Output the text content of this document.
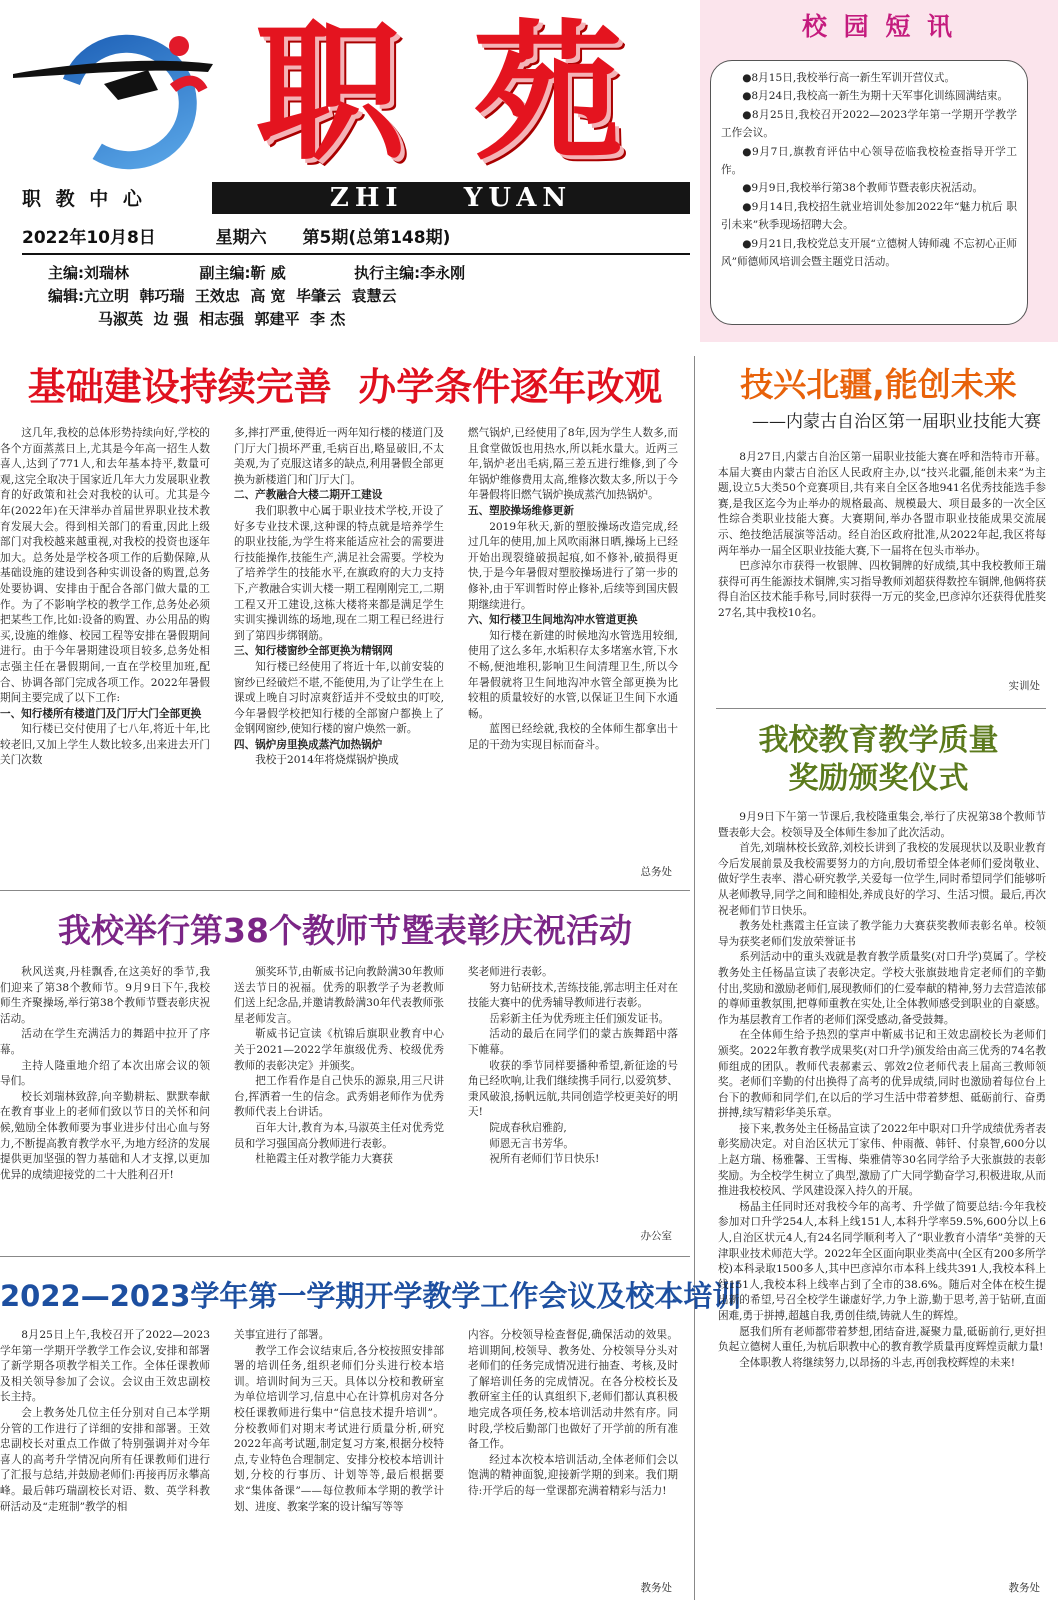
职 苑
职 教 中 心	ZHI    YUAN
2022年10月8日	星期六 第5期(总第148期)
主编:刘瑞林	副主编:靳 威	执行主编:李永刚
编辑:亢立明  韩巧瑞  王效忠  高 宽  毕肇云  袁慧云
马淑英  边 强  相志强  郭建平  李 杰
校 园 短 讯
●8月15日,我校举行高一新生军训开营仪式。
●8月24日,我校高一新生为期十天军事化训练圆满结束。
●8月25日,我校召开2022—2023学年第一学期开学教学工作会议。
●9月7日,旗教育评估中心领导莅临我校检查指导开学工作。
●9月9日,我校举行第38个教师节暨表彰庆祝活动。
●9月14日,我校招生就业培训处参加2022年“魅力杭后 职引未来”秋季现场招聘大会。
●9月21日,我校党总支开展“立德树人铸师魂 不忘初心正师风”师德师风培训会暨主题党日活动。
基础建设持续完善  办学条件逐年改观

这几年,我校的总体形势持续向好,学校的各个方面蒸蒸日上,尤其是今年高一招生人数喜人,达到了771人,和去年基本持平,数量可观,这完全取决于国家近几年大力发展职业教育的好政策和社会对我校的认可。尤其是今年(2022年)在天津举办首届世界职业技术教育发展大会。得到相关部门的看重,因此上级部门对我校越来越重视,对我校的投资也逐年加大。总务处是学校各项工作的后勤保障,从基础设施的建设到各种实训设备的购置,总务处要协调、安排由于配合各部门做大量的工作。为了不影响学校的教学工作,总务处必须把某些工作,比如:设备的购置、办公用品的购买,设施的维修、校园工程等安排在暑假期间进行。由于今年暑期建设项目较多,总务处相志强主任在暑假期间,一直在学校里加班,配合、协调各部门完成各项工作。2022年暑假期间主要完成了以下工作:

一、知行楼所有楼道门及门厅大门全部更换

知行楼已交付使用了七八年,将近十年,比较老旧,又加上学生人数比较多,出来进去开门关门次数

多,摔打严重,使得近一两年知行楼的楼道门及门厅大门损坏严重,毛病百出,略显破旧,不太美观,为了克服这诸多的缺点,利用暑假全部更换为新楼道门和门厅大门。

二、产教融合大楼二期开工建设

我们职教中心属于职业技术学校,开设了好多专业技术课,这种课的特点就是培养学生的职业技能,为学生将来能适应社会的需要进行技能操作,技能生产,满足社会需要。学校为了培养学生的技能水平,在旗政府的大力支持下,产教融合实训大楼一期工程刚刚完工,二期工程又开工建设,这栋大楼将来都是满足学生实训实操训练的场地,现在二期工程已经进行到了第四步绑钢筋。

三、知行楼窗纱全部更换为精钢网

知行楼已经使用了将近十年,以前安装的窗纱已经破烂不堪,不能使用,为了让学生在上课或上晚自习时凉爽舒适并不受蚊虫的叮咬,今年暑假学校把知行楼的全部窗户都换上了金钢网窗纱,使知行楼的窗户焕然一新。

四、锅炉房里换成蒸汽加热锅炉

我校于2014年将烧煤锅炉换成

燃气锅炉,已经使用了8年,因为学生人数多,而且食堂做饭也用热水,所以耗水量大。近两三年,锅炉老出毛病,隔三差五进行维修,到了今年锅炉维修费用太高,维修次数太多,所以于今年暑假将旧燃气锅炉换成蒸汽加热锅炉。

五、塑胶操场维修更新

2019年秋天,新的塑胶操场改造完成,经过几年的使用,加上风吹雨淋日晒,操场上已经开始出现裂缝破损起痕,如不修补,破损得更快,于是今年暑假对塑胶操场进行了第一步的修补,由于军训暂时停止修补,后续等到国庆假期继续进行。

六、知行楼卫生间地沟冲水管道更换

知行楼在新建的时候地沟水管选用较细,使用了这么多年,水垢积存太多堵塞水管,下水不畅,便池堆积,影响卫生间清理卫生,所以今年暑假就将卫生间地沟冲水管全部更换为比较粗的质量较好的水管,以保证卫生间下水通畅。

蓝图已经绘就,我校的全体师生都拿出十足的干劲为实现目标而奋斗。

总务处
我校举行第38个教师节暨表彰庆祝活动

秋风送爽,丹桂飘香,在这美好的季节,我们迎来了第38个教师节。9月9日下午,我校师生齐聚操场,举行第38个教师节暨表彰庆祝活动。

活动在学生充满活力的舞蹈中拉开了序幕。

主持人隆重地介绍了本次出席会议的领导们。

校长刘瑞林致辞,向辛勤耕耘、默默奉献在教育事业上的老师们致以节日的关怀和问候,勉励全体教师要为事业进步付出心血与努力,不断提高教育教学水平,为地方经济的发展提供更加坚强的智力基础和人才支撑,以更加优异的成绩迎接党的二十大胜利召开!

颁奖环节,由靳威书记向教龄满30年教师送去节日的祝福。优秀的职教学子为老教师们送上纪念品,并邀请教龄满30年代表教师张星老师发言。

靳威书记宣读《杭锦后旗职业教育中心关于2021—2022学年旗级优秀、校级优秀教师的表彰决定》并颁奖。

把工作看作是自己快乐的源泉,用三尺讲台,挥洒着一生的信念。武秀娟老师作为优秀教师代表上台讲话。

百年大计,教育为本,马淑英主任对优秀党员和学习强国高分教师进行表彰。

杜艳霞主任对教学能力大赛获

奖老师进行表彰。

努力钻研技术,苦练技能,郭志明主任对在技能大赛中的优秀辅导教师进行表彰。

岳彩新主任为优秀班主任们颁发证书。

活动的最后在同学们的蒙古族舞蹈中落下帷幕。

收获的季节同样要播种希望,新征途的号角已经吹响,让我们继续携手同行,以爱筑梦、秉风破浪,扬帆远航,共同创造学校更美好的明天!

院成春秋启雅韵,

师恩无言书芳华。

祝所有老师们节日快乐!

办公室
2022—2023学年第一学期开学教学工作会议及校本培训

8月25日上午,我校召开了2022—2023学年第一学期开学教学工作会议,安排和部署了新学期各项教学相关工作。全体任课教师及相关领导参加了会议。会议由王效忠副校长主持。

会上教务处几位主任分别对自己本学期分管的工作进行了详细的安排和部署。王效忠副校长对重点工作做了特别强调并对今年喜人的高考升学情况向所有任课教师们进行了汇报与总结,并鼓励老师们:再接再厉永攀高峰。最后韩巧瑞副校长对语、数、英学科教研活动及“走班制”教学的相

关事宜进行了部署。

教学工作会议结束后,各分校按照安排部署的培训任务,组织老师们分头进行校本培训。培训时间为三天。具体以分校和教研室为单位培训学习,信息中心在计算机房对各分校任课教师进行集中“信息技术提升培训”。分校教师们对期末考试进行质量分析,研究2022年高考试题,制定复习方案,根据分校特点,专业特色合理制定、安排分校校本培训计划,分校的行事历、计划等等,最后根据要求“集体备课”——每位教师本学期的教学计划、进度、教案学案的设计编写等等

内容。分校领导检查督促,确保活动的效果。培训期间,校领导、教务处、分校领导分头对老师们的任务完成情况进行抽查、考核,及时了解培训任务的完成情况。在各分校校长及教研室主任的认真组织下,老师们都认真积极地完成各项任务,校本培训活动井然有序。同时段,学校后勤部门也做好了开学前的所有准备工作。

经过本次校本培训活动,全体老师们会以饱满的精神面貌,迎接新学期的到来。我们期待:开学后的每一堂课都充满着精彩与活力!

教务处
技兴北疆,能创未来
——内蒙古自治区第一届职业技能大赛

8月27日,内蒙古自治区第一届职业技能大赛在呼和浩特市开幕。本届大赛由内蒙古自治区人民政府主办,以“技兴北疆,能创未来”为主题,设立5大类50个竞赛项目,共有来自全区各地941名优秀技能选手参赛,是我区迄今为止举办的规格最高、规模最大、项目最多的一次全区性综合类职业技能大赛。大赛期间,举办各盟市职业技能成果交流展示、绝技绝活展演等活动。经自治区政府批准,从2022年起,我区将每两年举办一届全区职业技能大赛,下一届将在包头市举办。

巴彦淖尔市获得一枚银牌、四枚铜牌的好成绩,其中我校教师王瑞获得可再生能源技术铜牌,实习指导教师刘超获得数控车铜牌,他俩将获得自治区技术能手称号,同时获得一万元的奖金,巴彦淖尔还获得优胜奖27名,其中我校10名。

实训处
我校教育教学质量
奖励颁奖仪式

9月9日下午第一节课后,我校隆重集会,举行了庆祝第38个教师节暨表彰大会。校领导及全体师生参加了此次活动。

首先,刘瑞林校长致辞,刘校长讲到了我校的发展现状以及职业教育今后发展前景及我校需要努力的方向,殷切希望全体老师们爱岗敬业、做好学生表率、潜心研究教学,关爱每一位学生,同时希望同学们能够听从老师教导,同学之间和睦相处,养成良好的学习、生活习惯。最后,再次祝老师们节日快乐。

教务处杜燕霞主任宣读了教学能力大赛获奖教师表彰名单。校领导为获奖老师们发放荣誉证书

系列活动中的重头戏就是教育教学质量奖(对口升学)莫属了。学校教务处主任杨晶宣读了表彰决定。学校大张旗鼓地肯定老师们的辛勤付出,奖励和激励老师们,展现教师们的仁爱奉献的精神,努力去营造浓郁的尊师重教氛围,把尊师重教在实处,让全体教师感受到职业的自豪感。作为基层教育工作者的老师们深受感动,备受鼓舞。

在全体师生给予热烈的掌声中靳威书记和王效忠副校长为老师们颁奖。2022年教育教学成果奖(对口升学)颁发给由高三优秀的74名教师组成的团队。教师代表郝素云、郭效2位老师代表上届高三教师领奖。老师们辛勤的付出换得了高考的优异成绩,同时也激励着每位台上台下的教师和同学们,在以后的学习生活中带着梦想、砥砺前行、奋勇拼搏,续写精彩华美乐章。

接下来,教务处主任杨晶宣读了2022年中职对口升学成绩优秀者表彰奖励决定。对自治区状元丁家伟、仲雨薇、韩钎、付泉智,600分以上赵方瑞、杨雅馨、王雪梅、柴雅倩等30名同学给予大张旗鼓的表彰奖励。为全校学生树立了典型,激励了广大同学勤奋学习,积极进取,从而推进我校校风、学风建设深入持久的开展。

杨晶主任同时还对我校今年的高考、升学做了简要总结:今年我校参加对口升学254人,本科上线151人,本科升学率59.5%,600分以上6人,自治区状元4人,有24名同学顺利考入了“职业教育小清华”美誉的天津职业技术师范大学。2022年全区面向职业类高中(全区有200多所学校)本科录取1500多人,其中巴彦淖尔市本科上线共391人,我校本科上线151人,我校本科上线率占到了全市的38.6%。随后对全体在校生提出新的希望,号召全校学生谦虚好学,力争上游,勤于思考,善于钻研,直面困难,勇于拼搏,超越自我,勇创佳绩,铸就人生的辉煌。

愿我们所有老师都带着梦想,团结奋进,凝聚力量,砥砺前行,更好担负起立德树人重任,为杭后职教中心的教育教学质量再度辉煌贡献力量!

全体职教人将继续努力,以昂扬的斗志,再创我校辉煌的未来!

教务处
